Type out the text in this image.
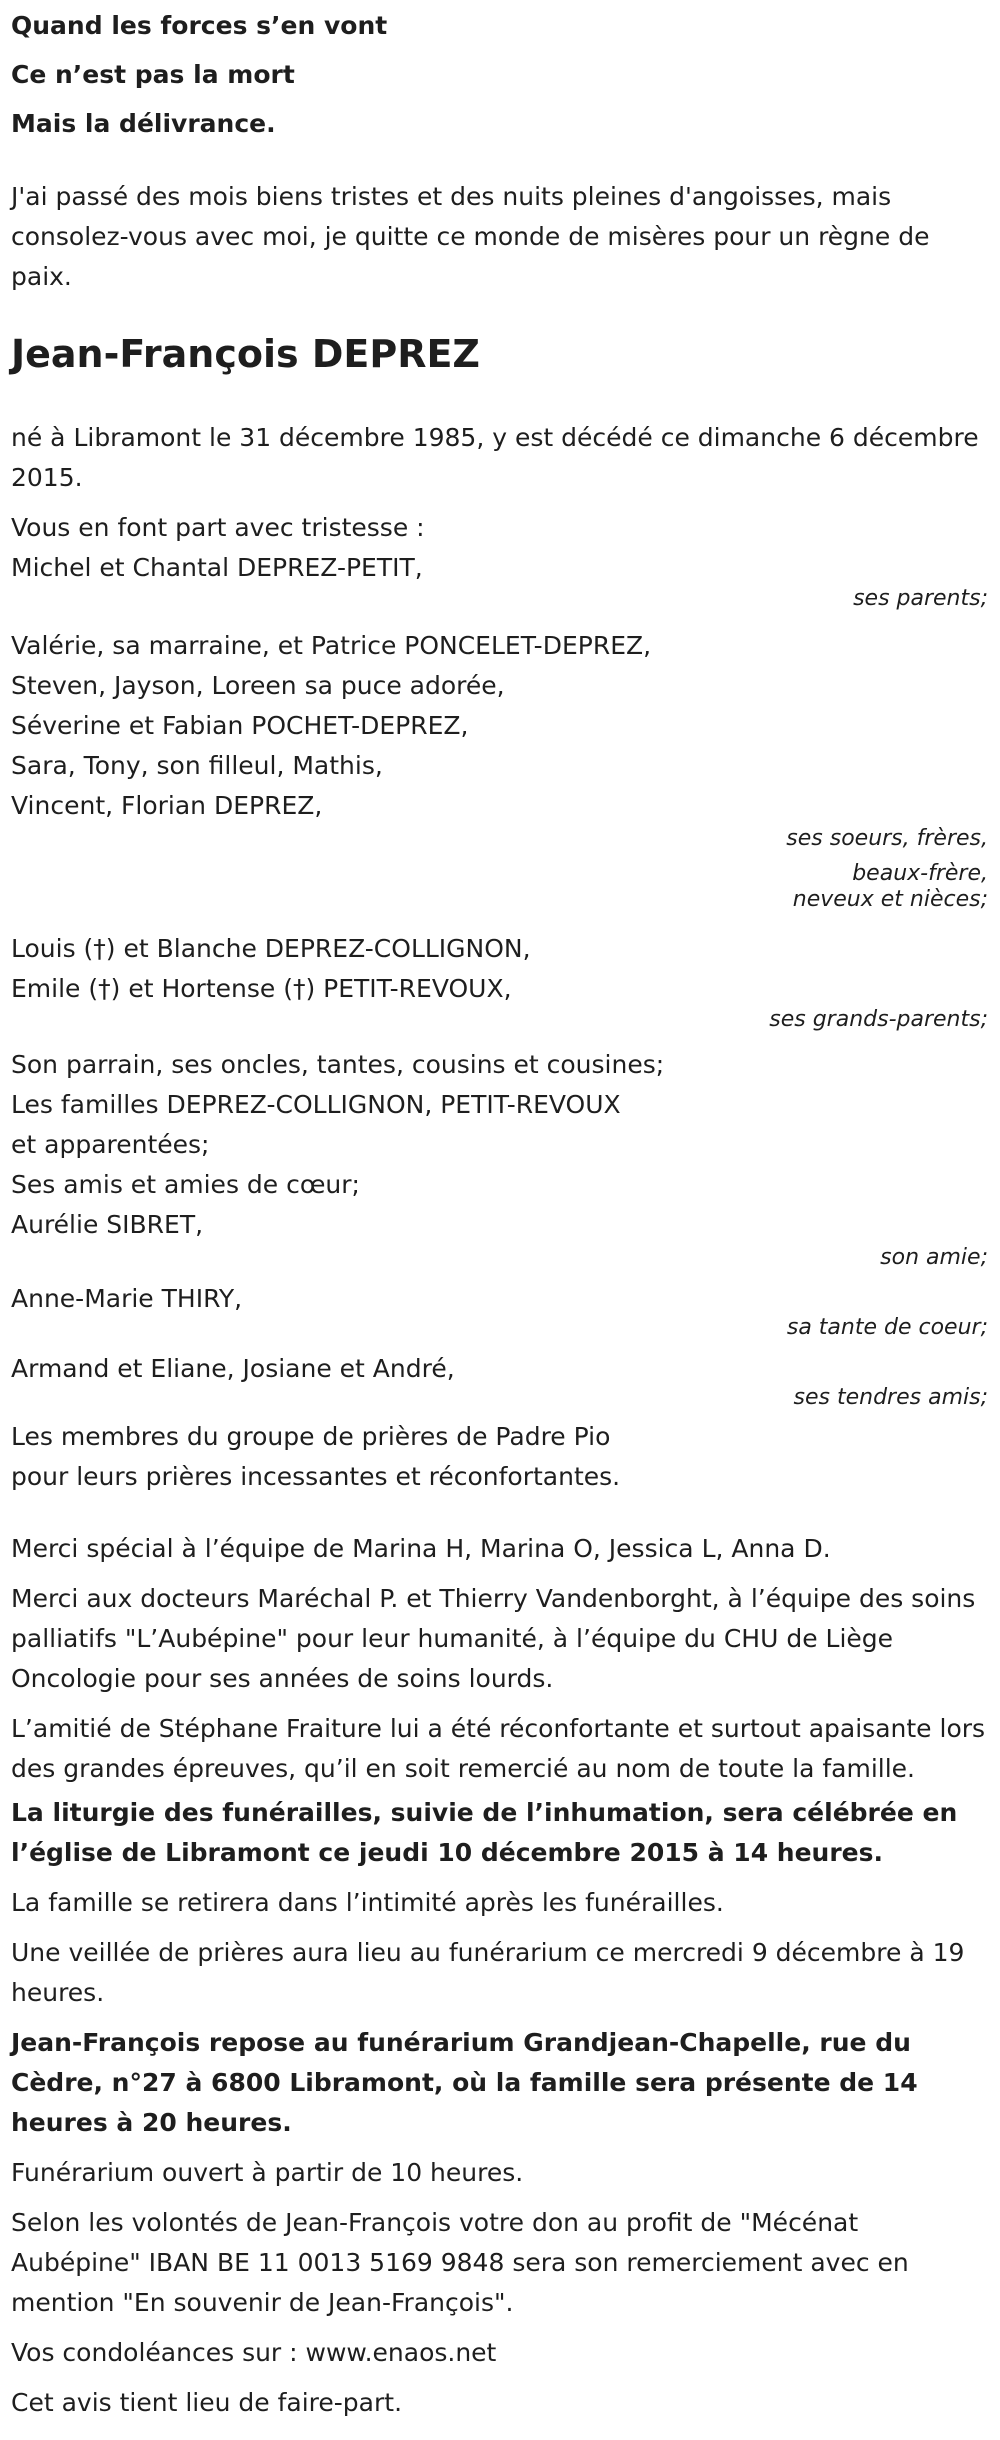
Quand les forces s’en vont

Ce n’est pas la mort

Mais la délivrance.

J'ai passé des mois biens tristes et des nuits pleines d'angoisses, mais consolez-vous avec moi, je quitte ce monde de misères pour un règne de paix.

Jean-François DEPREZ

né à Libramont le 31 décembre 1985, y est décédé ce dimanche 6 décembre 2015.

Vous en font part avec tristesse :

Michel et Chantal DEPREZ-PETIT,

ses parents;

Valérie, sa marraine, et Patrice PONCELET-DEPREZ,

Steven, Jayson, Loreen sa puce adorée,

Séverine et Fabian POCHET-DEPREZ,

Sara, Tony, son filleul, Mathis,

Vincent, Florian DEPREZ,

ses soeurs, frères,

beaux-frère,

neveux et nièces;

Louis (†) et Blanche DEPREZ-COLLIGNON,

Emile (†) et Hortense (†) PETIT-REVOUX,

ses grands-parents;

Son parrain, ses oncles, tantes, cousins et cousines;

Les familles DEPREZ-COLLIGNON, PETIT-REVOUX

et apparentées;

Ses amis et amies de cœur;

Aurélie SIBRET,

son amie;

Anne-Marie THIRY,

sa tante de coeur;

Armand et Eliane, Josiane et André,

ses tendres amis;

Les membres du groupe de prières de Padre Pio

pour leurs prières incessantes et réconfortantes.

Merci spécial à l’équipe de Marina H, Marina O, Jessica L, Anna D.

Merci aux docteurs Maréchal P. et Thierry Vandenborght, à l’équipe des soins palliatifs "L’Aubépine" pour leur humanité, à l’équipe du CHU de Liège Oncologie pour ses années de soins lourds.

L’amitié de Stéphane Fraiture lui a été réconfortante et surtout apaisante lors des grandes épreuves, qu’il en soit remercié au nom de toute la famille.

La liturgie des funérailles, suivie de l’inhumation, sera célébrée en l’église de Libramont ce jeudi 10 décembre 2015 à 14 heures.

La famille se retirera dans l’intimité après les funérailles.

Une veillée de prières aura lieu au funérarium ce mercredi 9 décembre à 19 heures.

Jean-François repose au funérarium Grandjean-Chapelle, rue du Cèdre, n°27 à 6800 Libramont, où la famille sera présente de 14 heures à 20 heures.

Funérarium ouvert à partir de 10 heures.

Selon les volontés de Jean-François votre don au profit de "Mécénat Aubépine" IBAN BE 11 0013 5169 9848 sera son remerciement avec en mention "En souvenir de Jean-François".

Vos condoléances sur : www.enaos.net

Cet avis tient lieu de faire-part.
